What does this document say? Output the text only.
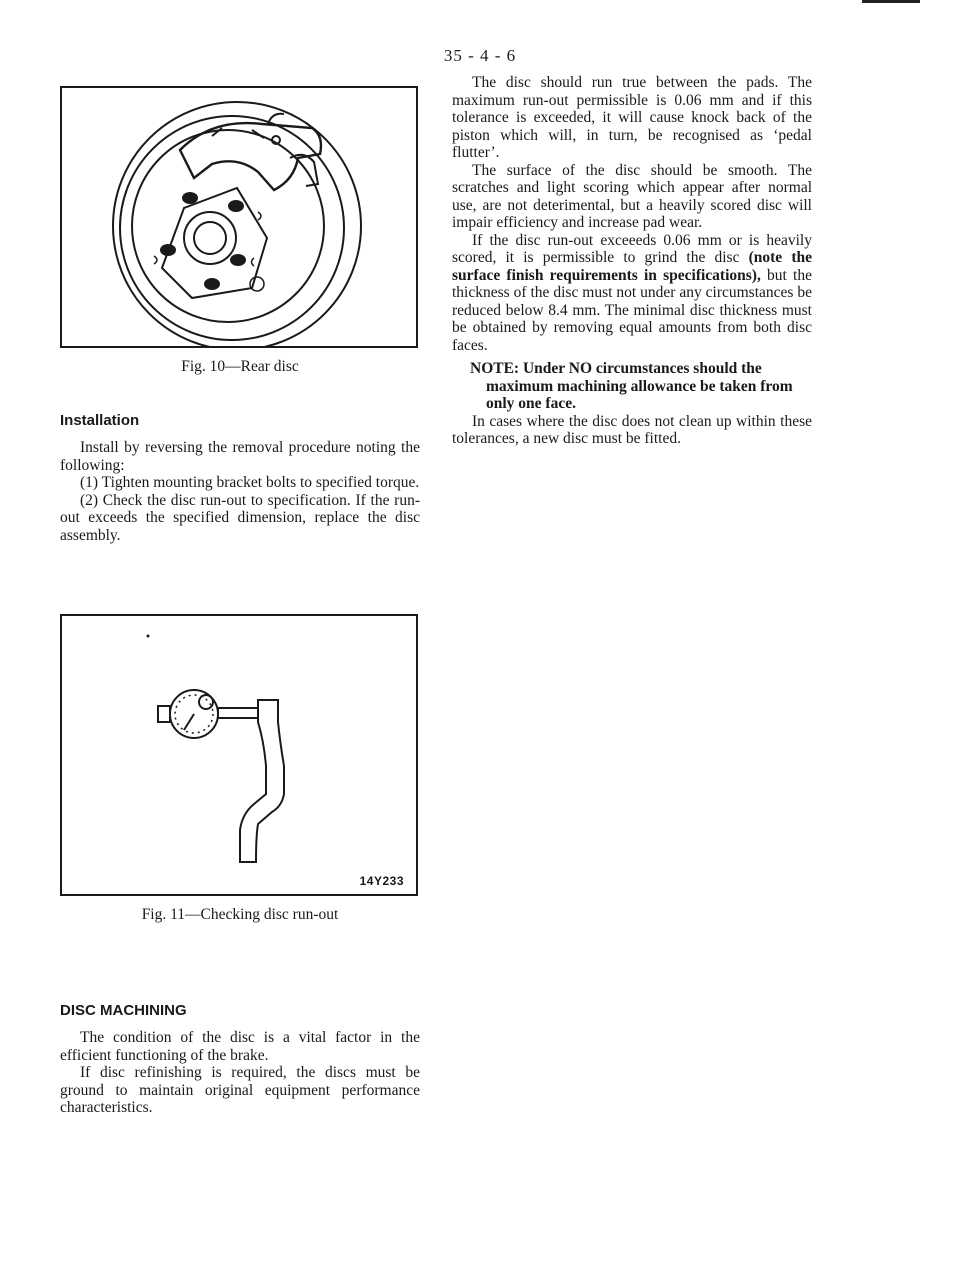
35 - 4 - 6
Fig. 10—Rear disc
Installation

Install by reversing the removal procedure noting the following:

(1) Tighten mounting bracket bolts to specified torque.

(2) Check the disc run-out to specification. If the run-out exceeds the specified dimension, replace the disc assembly.

14Y233
Fig. 11—Checking disc run-out
DISC MACHINING

The condition of the disc is a vital factor in the efficient functioning of the brake.

If disc refinishing is required, the discs must be ground to maintain original equipment performance characteristics.

The disc should run true between the pads. The maximum run-out permissible is 0.06 mm and if this tolerance is exceeded, it will cause knock back of the piston which will, in turn, be recognised as ‘pedal flutter’.

The surface of the disc should be smooth. The scratches and light scoring which appear after normal use, are not deterimental, but a heavily scored disc will impair efficiency and increase pad wear.

If the disc run-out exceeeds 0.06 mm or is heavily scored, it is permissible to grind the disc (note the surface finish requirements in specifications), but the thickness of the disc must not under any circumstances be reduced below 8.4 mm. The minimal disc thickness must be obtained by removing equal amounts from both disc faces.

NOTE: Under NO circumstances should the maximum machining allowance be taken from only one face.

In cases where the disc does not clean up within these tolerances, a new disc must be fitted.
